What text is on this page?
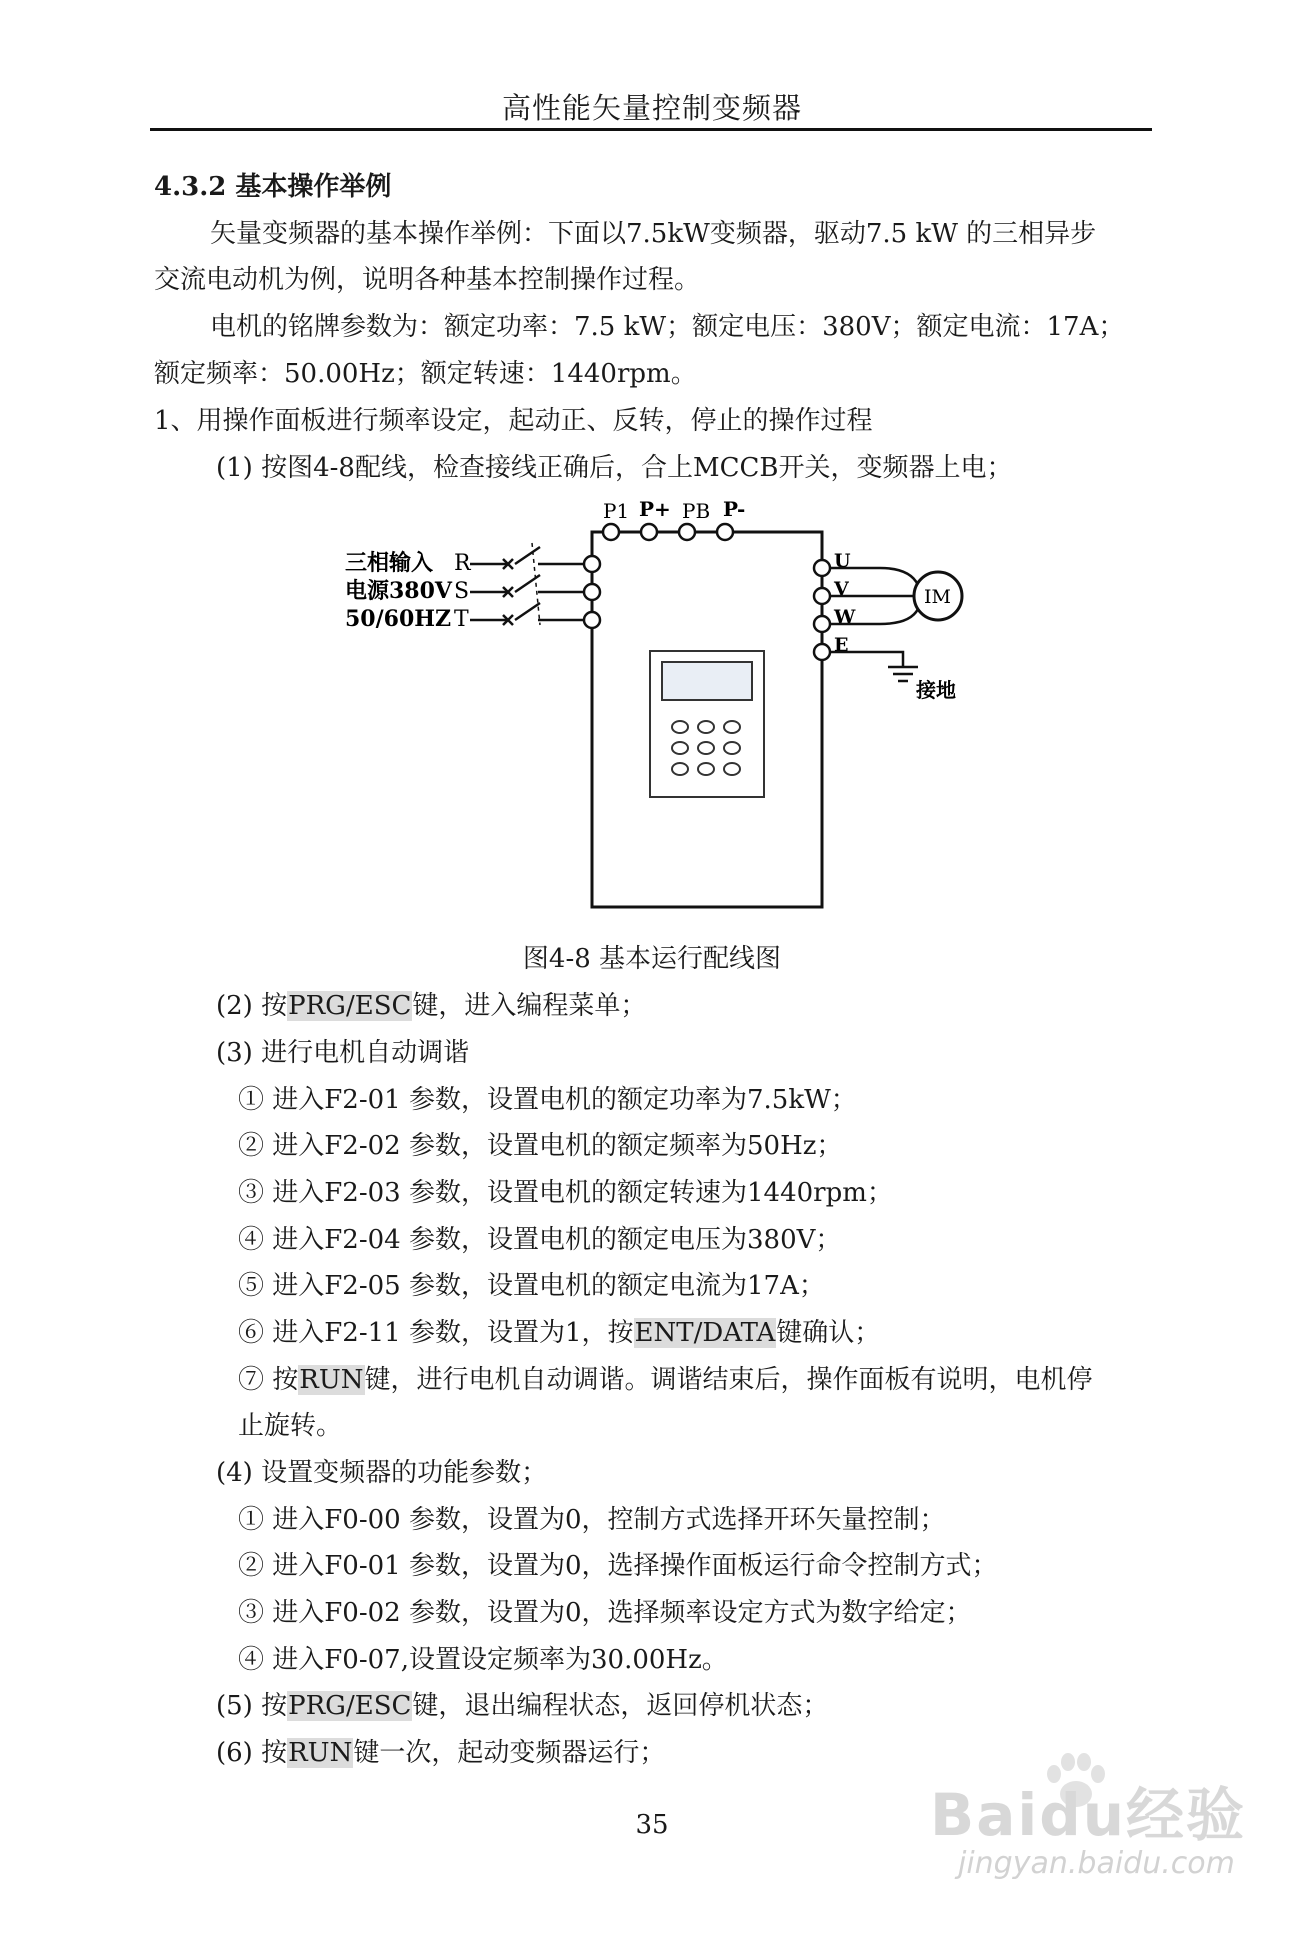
高性能矢量控制变频器
4.3.2 基本操作举例
矢量变频器的基本操作举例：下面以7.5kW变频器，驱动7.5 kW 的三相异步
交流电动机为例，说明各种基本控制操作过程。
电机的铭牌参数为：额定功率：7.5 kW；额定电压：380V；额定电流：17A；
额定频率：50.00Hz；额定转速：1440rpm。
1、用操作面板进行频率设定，起动正、反转，停止的操作过程
(1) 按图4-8配线，检查接线正确后，合上MCCB开关，变频器上电；
P1 P+ PB P-
三相输入
电源380V
50/60HZ
R
S
T
U
V
W
E
IM
接地
图4-8 基本运行配线图
(2) 按PRG/ESC键，进入编程菜单；
(3) 进行电机自动调谐
① 进入F2-01 参数，设置电机的额定功率为7.5kW；
② 进入F2-02 参数，设置电机的额定频率为50Hz；
③ 进入F2-03 参数，设置电机的额定转速为1440rpm；
④ 进入F2-04 参数，设置电机的额定电压为380V；
⑤ 进入F2-05 参数，设置电机的额定电流为17A；
⑥ 进入F2-11 参数，设置为1，按ENT/DATA键确认；
⑦ 按RUN键，进行电机自动调谐。调谐结束后，操作面板有说明，电机停
止旋转。
(4) 设置变频器的功能参数；
① 进入F0-00 参数，设置为0，控制方式选择开环矢量控制；
② 进入F0-01 参数，设置为0，选择操作面板运行命令控制方式；
③ 进入F0-02 参数，设置为0，选择频率设定方式为数字给定；
④ 进入F0-07,设置设定频率为30.00Hz。
(5) 按PRG/ESC键，退出编程状态，返回停机状态；
(6) 按RUN键一次，起动变频器运行；
35	Baidu经验
jingyan.baidu.com
